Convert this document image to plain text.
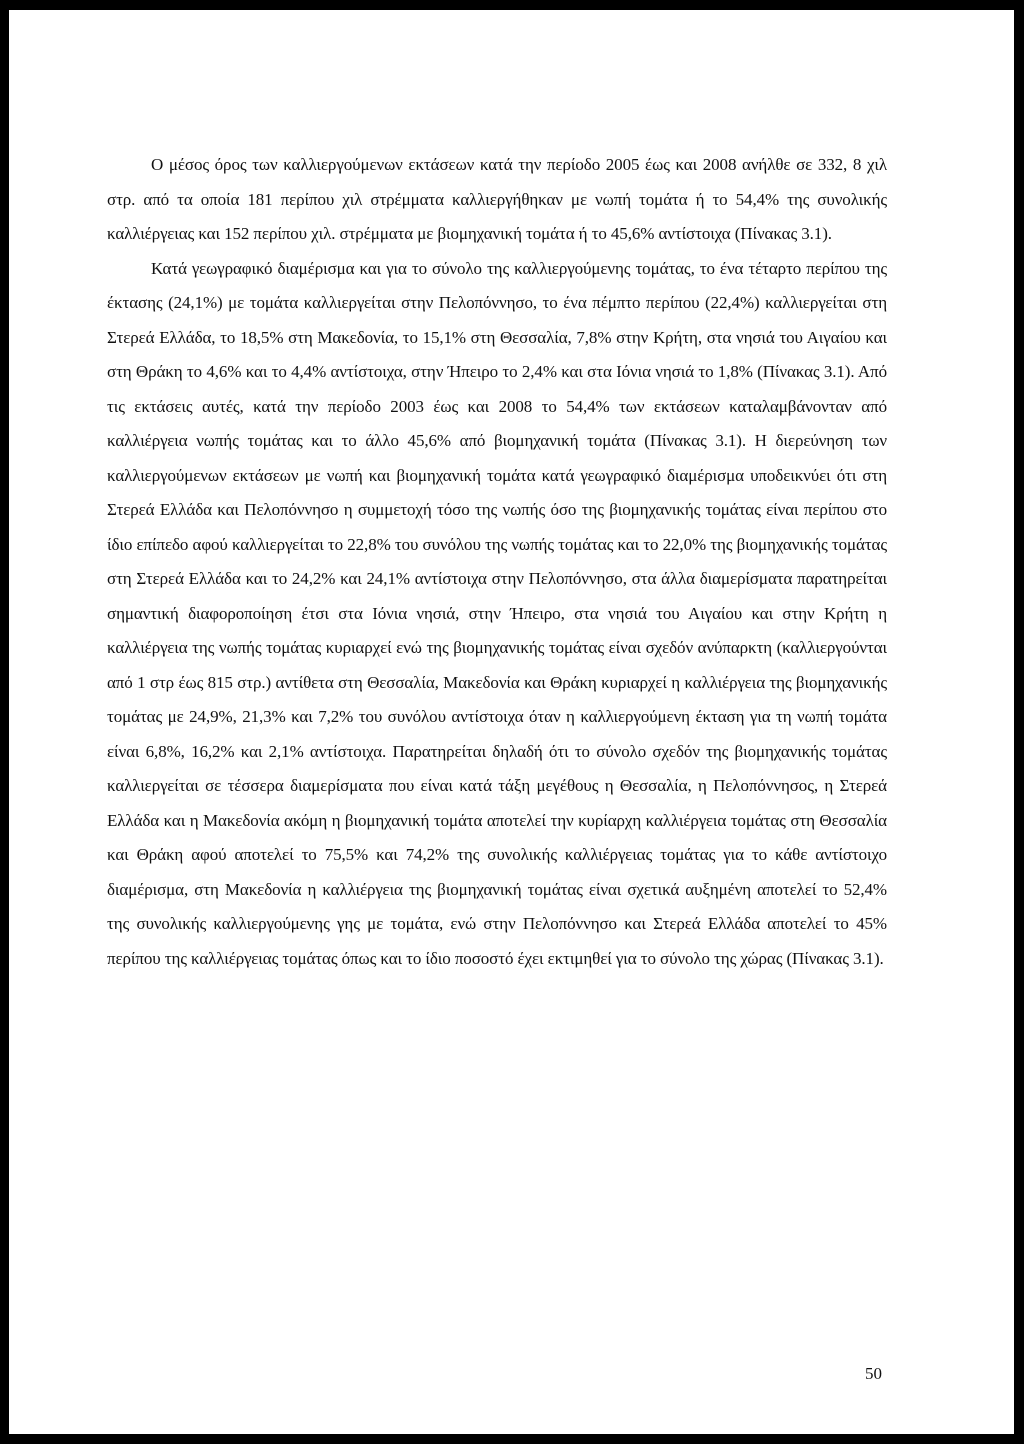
Ο μέσος όρος των καλλιεργούμενων εκτάσεων κατά την περίοδο 2005 έως και 2008 ανήλθε σε 332, 8 χιλ στρ. από τα οποία 181 περίπου χιλ στρέμματα καλλιεργήθηκαν με νωπή τομάτα ή το 54,4% της συνολικής καλλιέργειας και 152 περίπου χιλ. στρέμματα με βιομηχανική τομάτα ή το 45,6% αντίστοιχα (Πίνακας 3.1).

Κατά γεωγραφικό διαμέρισμα και για το σύνολο της καλλιεργούμενης τομάτας, το ένα τέταρτο περίπου της έκτασης (24,1%) με τομάτα καλλιεργείται στην Πελοπόννησο, το ένα πέμπτο περίπου (22,4%) καλλιεργείται στη Στερεά Ελλάδα, το 18,5% στη Μακεδονία, το 15,1% στη Θεσσαλία, 7,8% στην Κρήτη, στα νησιά του Αιγαίου και στη Θράκη το 4,6% και το 4,4% αντίστοιχα, στην Ήπειρο το 2,4% και στα Ιόνια νησιά το 1,8% (Πίνακας 3.1). Από τις εκτάσεις αυτές, κατά την περίοδο 2003 έως και 2008 το 54,4% των εκτάσεων καταλαμβάνονταν από καλλιέργεια νωπής τομάτας και το άλλο 45,6% από βιομηχανική τομάτα (Πίνακας 3.1). Η διερεύνηση των καλλιεργούμενων εκτάσεων με νωπή και βιομηχανική τομάτα κατά γεωγραφικό διαμέρισμα υποδεικνύει ότι στη Στερεά Ελλάδα και Πελοπόννησο η συμμετοχή τόσο της νωπής όσο της βιομηχανικής τομάτας είναι περίπου στο ίδιο επίπεδο αφού καλλιεργείται το 22,8% του συνόλου της νωπής τομάτας και το 22,0% της βιομηχανικής τομάτας στη Στερεά Ελλάδα και το 24,2% και 24,1% αντίστοιχα στην Πελοπόννησο, στα άλλα διαμερίσματα παρατηρείται σημαντική διαφοροποίηση έτσι στα Ιόνια νησιά, στην Ήπειρο, στα νησιά του Αιγαίου και στην Κρήτη η καλλιέργεια της νωπής τομάτας κυριαρχεί ενώ της βιομηχανικής τομάτας είναι σχεδόν ανύπαρκτη (καλλιεργούνται από 1 στρ έως 815 στρ.) αντίθετα στη Θεσσαλία, Μακεδονία και Θράκη κυριαρχεί η καλλιέργεια της βιομηχανικής τομάτας με 24,9%, 21,3% και 7,2% του συνόλου αντίστοιχα όταν η καλλιεργούμενη έκταση για τη νωπή τομάτα είναι 6,8%, 16,2% και 2,1% αντίστοιχα. Παρατηρείται δηλαδή ότι το σύνολο σχεδόν της βιομηχανικής τομάτας καλλιεργείται σε τέσσερα διαμερίσματα που είναι κατά τάξη μεγέθους η Θεσσαλία, η Πελοπόννησος, η Στερεά Ελλάδα και η Μακεδονία ακόμη η βιομηχανική τομάτα αποτελεί την κυρίαρχη καλλιέργεια τομάτας στη Θεσσαλία και Θράκη αφού αποτελεί το 75,5% και 74,2% της συνολικής καλλιέργειας τομάτας για το κάθε αντίστοιχο διαμέρισμα, στη Μακεδονία η καλλιέργεια της βιομηχανική τομάτας είναι σχετικά αυξημένη αποτελεί το 52,4% της συνολικής καλλιεργούμενης γης με τομάτα, ενώ στην Πελοπόννησο και Στερεά Ελλάδα αποτελεί το 45% περίπου της καλλιέργειας τομάτας όπως και το ίδιο ποσοστό έχει εκτιμηθεί για το σύνολο της χώρας (Πίνακας 3.1).

50
